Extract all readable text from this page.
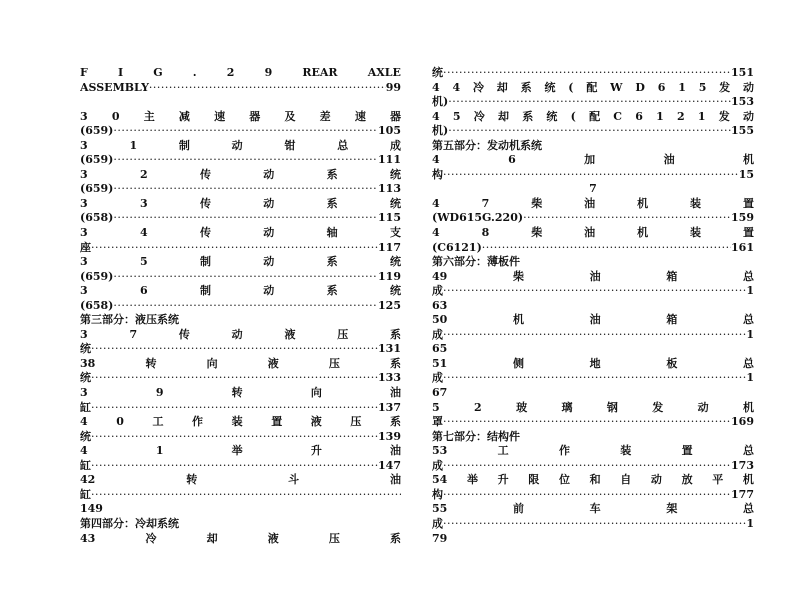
F	I	G	.	2	9	REAR	AXLE
ASSEMBLY ·····	99
3 0 主 减 速 器 及 差 速 器
(659) ·····	105
3	1	制	动	钳	总	成
(659) ·····	111
3	2	传	动	系	统
(659) ·····	113
3	3	传	动	系	统
(658) ·····	115
3	4	传	动	轴	支
座 ·····	117
3	5	制	动	系	统
(659) ·····	119
3	6	制	动	系	统
(658) ·····	125
第三部分：液压系统
3	7	传	动	液	压	系
统 ·····	131
38	转	向	液	压	系
统 ·····	133
3	9	转	向	油
缸 ·····	137
4	0	工	作	装	置	液	压	系
统 ·····	139
4	1	举	升	油
缸 ·····	147
42	转	斗	油
缸
·····
149
第四部分：冷却系统
43	冷	却	液	压	系
统 ·····	151
4 4 冷 却 系 统 ( 配 W D 6 1 5 发 动
机) ·····	153
4 5 冷 却 系 统 ( 配 C 6 1 2 1 发 动
机) ·····	155
第五部分：发动机系统
4	6	加	油	机
构 ·····	15
7
4	7	柴	油	机	装	置
(WD615G.220) ·····	159
4	8	柴	油	机	装	置
(C6121) ·····	161
第六部分：薄板件
49	柴	油	箱	总
成 ·····	1
63
50	机	油	箱	总
成 ·····	1
65
51	侧	地	板	总
成 ·····	1
67
5	2	玻	璃	钢	发	动	机
罩 ·····	169
第七部分：结构件
53	工	作	装	置	总
成 ·····	173
54 举 升 限 位 和 自 动 放 平 机
构 ·····	177
55	前	车	架	总
成 ·····	1
79
